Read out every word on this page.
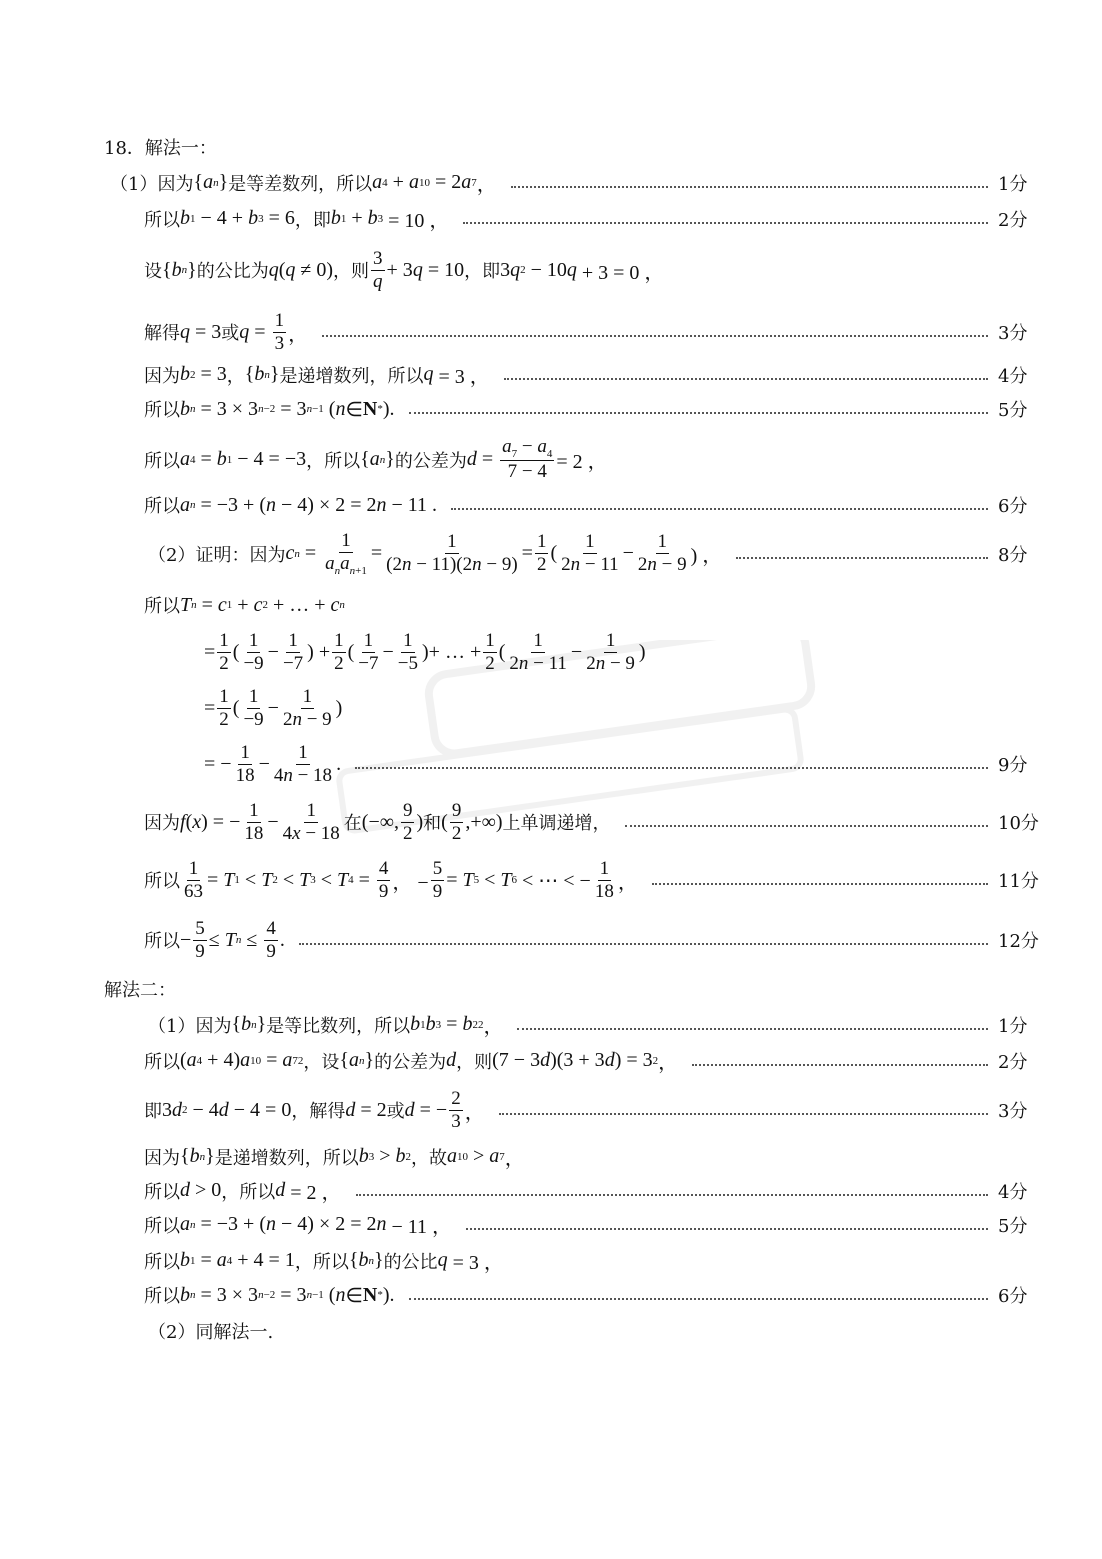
18．解法一：
（1）因为 { a n } 是等差数列，所以 a 4 + a 10 = 2 a 7 ，	1分
所以 b 1 − 4 + b 3 = 6 ，即 b 1 + b 3 = 10 ，	2分
设 { b n } 的公比为 q ( q ≠ 0) ，则 $\frac{3}{q} + 3$ q = 10 ，即 3 q 2 − 10 q + 3 = 0 ，
解得 q = 3 或 $q = \frac{1}{3}$ ，	3分
因为 b 2 = 3 ， { b n } 是递增数列，所以 q = 3 ，	4分
所以 b n = 3 × 3 n−2 = 3 n−1 ( n ∈ N * ).	5分
所以 a 4 = b 1 − 4 = −3 ，所以 { a n } 的公差为 $d = \frac{a_7 - a_4}{7 - 4} = 2$ ，
所以 a n = −3 + ( n − 4) × 2 = 2 n − 11 .	6分
（2）证明：因为 c $n = \frac{1}{a_na_{n+1}} = \frac{1}{(2n - 11)(2n - 9)} = \frac{1}{2}$ ( $\frac{1}{2n - 11} - \frac{1}{2n - 9}$ ) ，	8分
所以 T n = c 1 + c 2 + … + c n
= $\frac{1}{2}$ ( $\frac{1}{-9} - \frac{1}{-7}$ ) + $\frac{1}{2}$ ( $\frac{1}{-7} - \frac{1}{-5}$ )+ … + $\frac{1}{2}$ ( $\frac{1}{2n - 11} - \frac{1}{2n - 9}$ )
= $\frac{1}{2}$ ( $\frac{1}{-9} - \frac{1}{2n - 9}$ )
= − $\frac{1}{18} - \frac{1}{4n - 18}$ .	9分
因为 f ( x ) = − $\frac{1}{18} - \frac{1}{4x - 18}$ 在 (−∞, $\frac{9}{2}$ ) 和 ( $\frac{9}{2}$ ,+∞) 上单调递增，	10分
所以 $\frac{1}{63} = T$ 1 < T 2 < T 3 < T $4 = \frac{4}{9}$ ， − $\frac{5}{9} = T$ 5 < T 6 < ⋯ < − $\frac{1}{18}$ ，	11分
所以 − $\frac{5}{9} \le T$ $n \le \frac{4}{9}$ .	12分
解法二：
（1）因为 { b n } 是等比数列，所以 b 1 b 3 = b 2 2 ，	1分
所以 ( a 4 + 4) a 10 = a 7 2 ，设 { a n } 的公差为 d ，则 (7 − 3 d )(3 + 3 d ) = 3 2 ，	2分
即 3 d 2 − 4 d − 4 = 0 ，解得 d = 2 或 d = − $\frac{2}{3}$ ，	3分
因为 { b n } 是递增数列，所以 b 3 > b 2 ，故 a 10 > a 7 ，
所以 d > 0 ，所以 d = 2 ，	4分
所以 a n = −3 + ( n − 4) × 2 = 2 n − 11 ，	5分
所以 b 1 = a 4 + 4 = 1 ，所以 { b n } 的公比 q = 3 ，
所以 b n = 3 × 3 n−2 = 3 n−1 ( n ∈ N * ).	6分
（2）同解法一.
